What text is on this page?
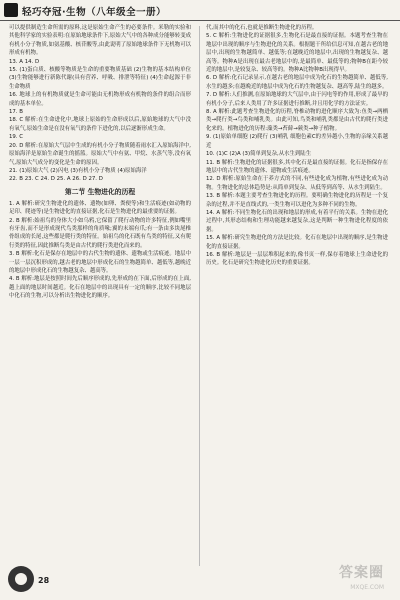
轻巧夺冠·生物（八年级全一册）

可以提供制造生命所需的原料,这是原始生命产生的必要条件。米勒的实验和其他科学家的实验表明:在原始地球条件下,原始大气中的各种成分能够转变成有机小分子物质,如氨基酸、核苷酸等,由此说明了原始地球条件下无机物可以形成有机物。

13. A 14. D

15. (1)蛋白质、核酸等物质是生命的重要物质基础 (2)生物的基本结构单位 (3)生物能够进行新陈代谢(具有营养、呼吸、排泄等特征) (4)生命起源于非生命物质

16. 地球上的有机物质就是生命可能由无机物形成有机物的条件的组合而形成的基本单位。

17. B

18. C 解析:在生命进化中,地球上原始的生命形成以后,原始地球的大气中没有氧气,原始生命是在没有氧气的条件下进化的,以后逐渐形成生命。

19. C

20. D 解析:在原始大气层中生成的有机小分子物质随着雨水汇入原始海洋中,原始海洋是原始生命诞生的摇篮。原始大气中有氨、甲烷、水蒸气等,没有氧气,原始大气成分的变化是生命的原因。

21. (1)原始大气 (2)闪电 (3)有机小分子物质 (4)原始海洋

22. B 23. C 24. D 25. A 26. D 27. D

第二节 生物进化的历程

1. A 解析:研究生物进化的遗体、遗物(如卵、粪便等)和生活痕迹(如动物的足印、爬迹等)是生物进化的直接证据,化石是生物进化的最重要的证据。

2. B 解析:始祖鸟的身体大小如乌鸦,它保留了爬行动物的许多特征,例如嘴里有牙齿,而不是形成现代鸟类那样的角质喙;翼的末端有爪;有一条由多块尾椎骨组成的长尾,这些都是爬行类的特征。始祖鸟的化石既有鸟类的特征,又有爬行类的特征,因此推断鸟类是由古代的爬行类进化而来的。

3. B 解析:化石是保存在地层中的古代生物的遗体、遗物或生活痕迹。地层中一层一层沉积形成的,越古老的地层中形成化石的生物越简单、越低等,越晚近的地层中形成化石的生物越复杂、越高等。

4. B 解析:地层是按照时间先后顺序形成的,先形成的在下面,后形成的在上面,越上面的地层时间越近。化石在地层中的出现具有一定的顺序,比较不同地层中化石的生物,可以分析出生物进化的顺序。

代,而其中的化石,也就是推断生物进化的历程。

5. C 解析:生物进化的证据很多,生物化石是最直接的证据。本题考查生物在地层中出现的顺序与生物进化的关系。根据题干所给信息可知,在越古老的地层中,出现的生物越简单、越低等;在越晚近的地层中,出现的生物越复杂、越高等。物种A是出现在最古老地层中的,是最简单、最低等的;物种B在距今较近的地层中,是较复杂、较高等的。物种A比物种B出现得早。

6. D 解析:化石记录显示,在越古老的地层中成为化石的生物越简单、越低等,水生的越多;在越晚近的地层中成为化石的生物越复杂、越高等,陆生的越多。

7. D 解析:人们推测,在原始地球的大气层中,由于闪电等的作用,形成了最早的有机小分子,后来人类用了许多证据进行推断,并且用化学的方法证实。

8. A 解析:此题考查生物进化的历程,脊椎动物的进化顺序大致为:鱼类→两栖类→爬行类→鸟类和哺乳类。由此可知,鸟类和哺乳类都是由古代的爬行类进化来的。植物进化的历程:藻类→苔藓→蕨类→种子植物。

9. (1)原始单细胞 (2)爬行 (3)哺乳 细胞色素C的差异越小,生物的亲缘关系越近

10. (1)C (2)A (3)简单到复杂,从水生到陆生

11. B 解析:生物进化的证据很多,其中化石是最直接的证据。化石是指保存在地层中的古代生物的遗体、遗物或生活痕迹。

12. D 解析:原始生命在于养方式的不同,有些进化成为植物,有些进化成为动物。生物进化的总体趋势是:从简单到复杂、从低等到高等、从水生到陆生。

13. B 解析:本题主要考查生物进化的历程。要明确生物进化的历程是一个复杂的过程,并不是直线式的,一类生物可以进化为多种不同的生物。

14. A 解析:不同生物化石的出现和地层的形成,有着平行的关系。生物在进化过程中,其形态结构和生理功能越来越复杂,这是判断一种生物进化程度的依据。

15. A 解析:研究生物进化的方法是比较。化石在地层中出现的顺序,是生物进化的直接证据。

16. B 解析:地层是一层层堆积起来的,像书页一样,保存着地球上生命进化的历史。化石是研究生物进化历史的重要证据。

28	答案圈
MXQE.COM
